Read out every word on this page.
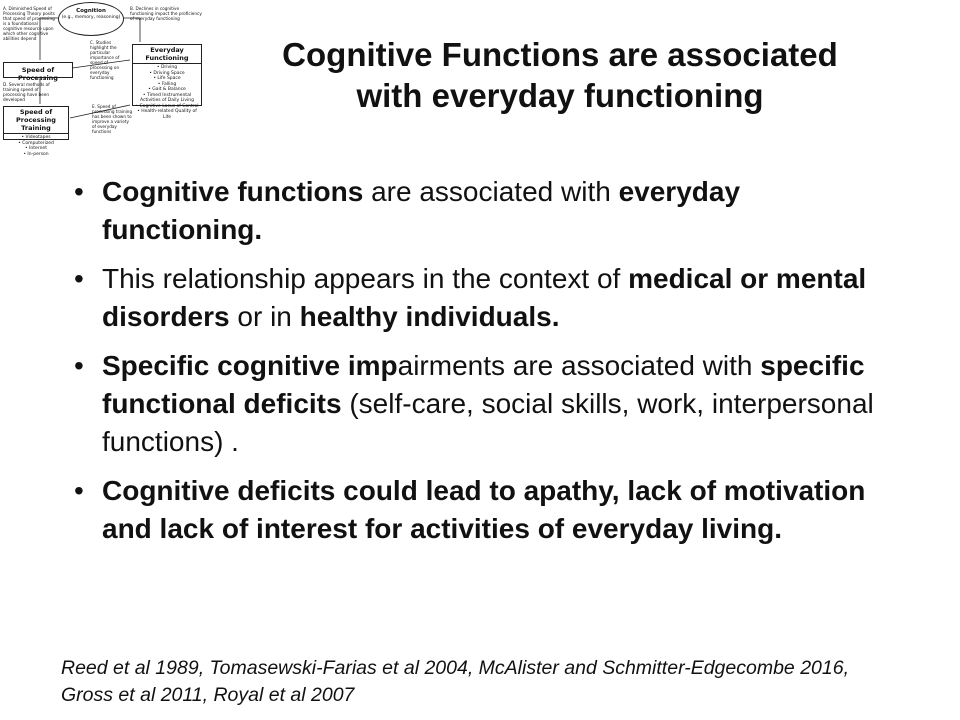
Cognition
(e.g., memory, reasoning)
A. Diminished Speed of Processing Theory posits that speed of processing is a foundational cognitive resource upon which other cognitive abilities depend
B. Declines in cognitive functioning impact the proficiency of everyday functioning
C. Studies highlight the particular importance of speed of processing on everyday functioning
D. Several methods of training speed of processing have been developed
E. Speed of processing training has been shown to improve a variety of everyday functions
Speed of Processing
Everyday Functioning
• Driving
• Driving Space
• Life Space
• Falling
• Gait & Balance
• Timed Instrumental Activities of Daily Living
• Cognitive Locus of Control
• Health-related Quality of Life
Speed of Processing Training
• Videotapes
• Computerized
• Internet
• In-person
Cognitive Functions are associated
with everyday functioning
• Cognitive functions are associated with everyday functioning.
• This relationship appears in the context of medical or mental disorders or in healthy individuals.
• Specific cognitive impairments are associated with specific functional deficits (self-care, social skills, work, interpersonal functions) .
• Cognitive deficits could lead to apathy, lack of motivation and lack of interest for activities of everyday living.
Reed et al 1989, Tomasewski-Farias et al 2004, McAlister and Schmitter-Edgecombe 2016,
Gross et al 2011, Royal et al 2007
